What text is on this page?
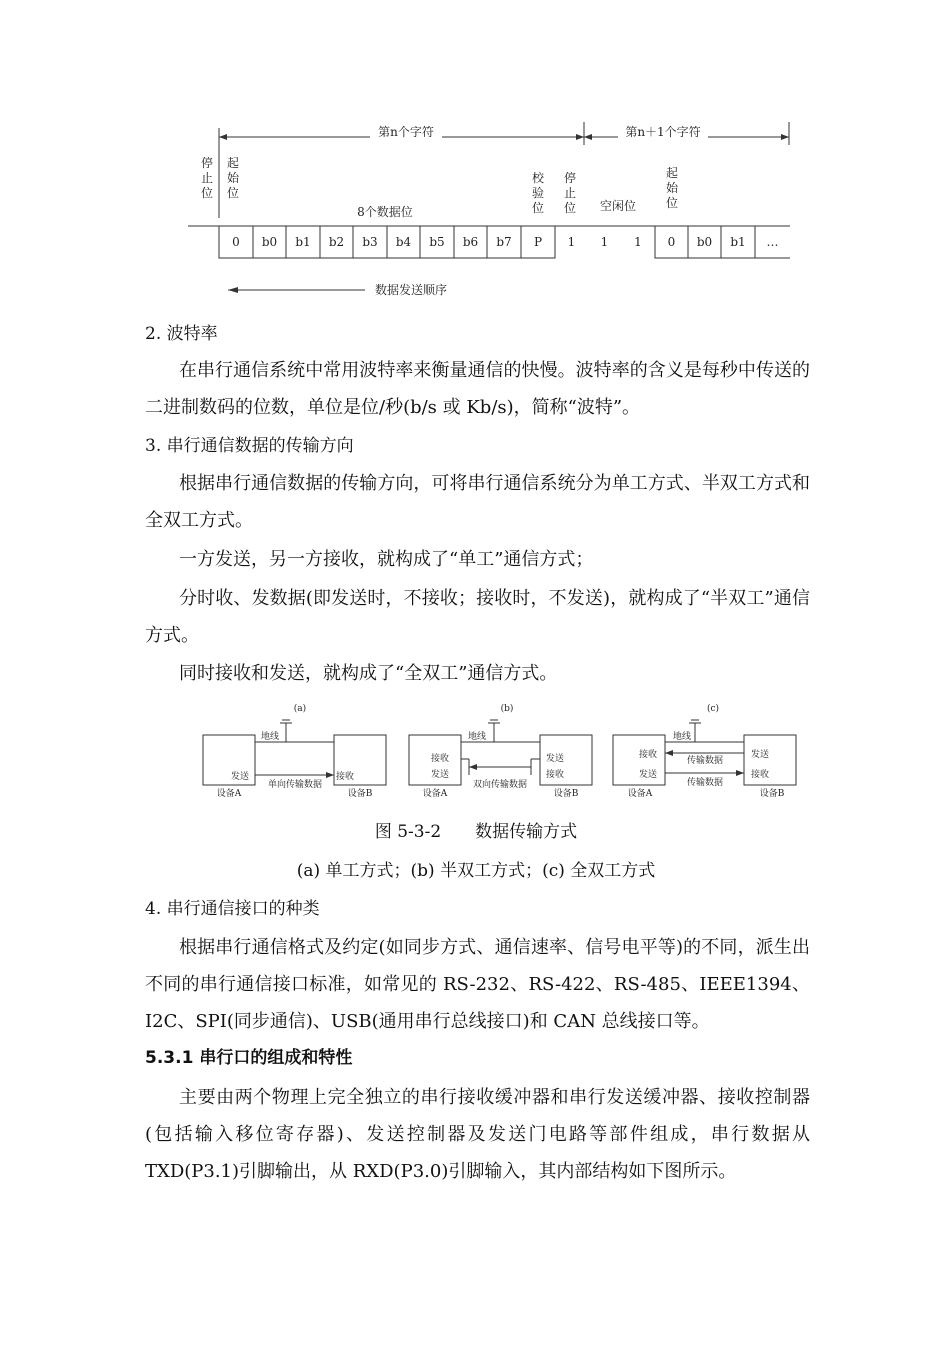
第n个字符	第n＋1个字符
停止位
起始位
校验位
停止位
起始位
8个数据位	空闲位
0 b0 b1 b2 b3 b4 b5 b6 b7 P 1 1 1 0 b0 b1 …
数据发送顺序

2. 波特率

在串行通信系统中常用波特率来衡量通信的快慢。波特率的含义是每秒中传送的二进制数码的位数，单位是位/秒(b/s 或 Kb/s)，简称“波特”。

3. 串行通信数据的传输方向

根据串行通信数据的传输方向，可将串行通信系统分为单工方式、半双工方式和全双工方式。

一方发送，另一方接收，就构成了“单工”通信方式；

分时收、发数据(即发送时，不接收；接收时，不发送)，就构成了“半双工”通信方式。

同时接收和发送，就构成了“全双工”通信方式。

(a)
地线
发送	接收
单向传输数据
设备A	设备B
(b)
地线
接收
发送
发送
接收
双向传输数据
设备A	设备B
(c)
地线
接收
发送
发送
接收
传输数据
传输数据
设备A	设备B

图 5-3-2　　数据传输方式

(a) 单工方式；(b) 半双工方式；(c) 全双工方式

4. 串行通信接口的种类

根据串行通信格式及约定(如同步方式、通信速率、信号电平等)的不同，派生出不同的串行通信接口标准，如常见的 RS-232、RS-422、RS-485、IEEE1394、I2C、SPI(同步通信)、USB(通用串行总线接口)和 CAN 总线接口等。

5.3.1 串行口的组成和特性

主要由两个物理上完全独立的串行接收缓冲器和串行发送缓冲器、接收控制器(包括输入移位寄存器)、发送控制器及发送门电路等部件组成，串行数据从 TXD(P3.1)引脚输出，从 RXD(P3.0)引脚输入，其内部结构如下图所示。
